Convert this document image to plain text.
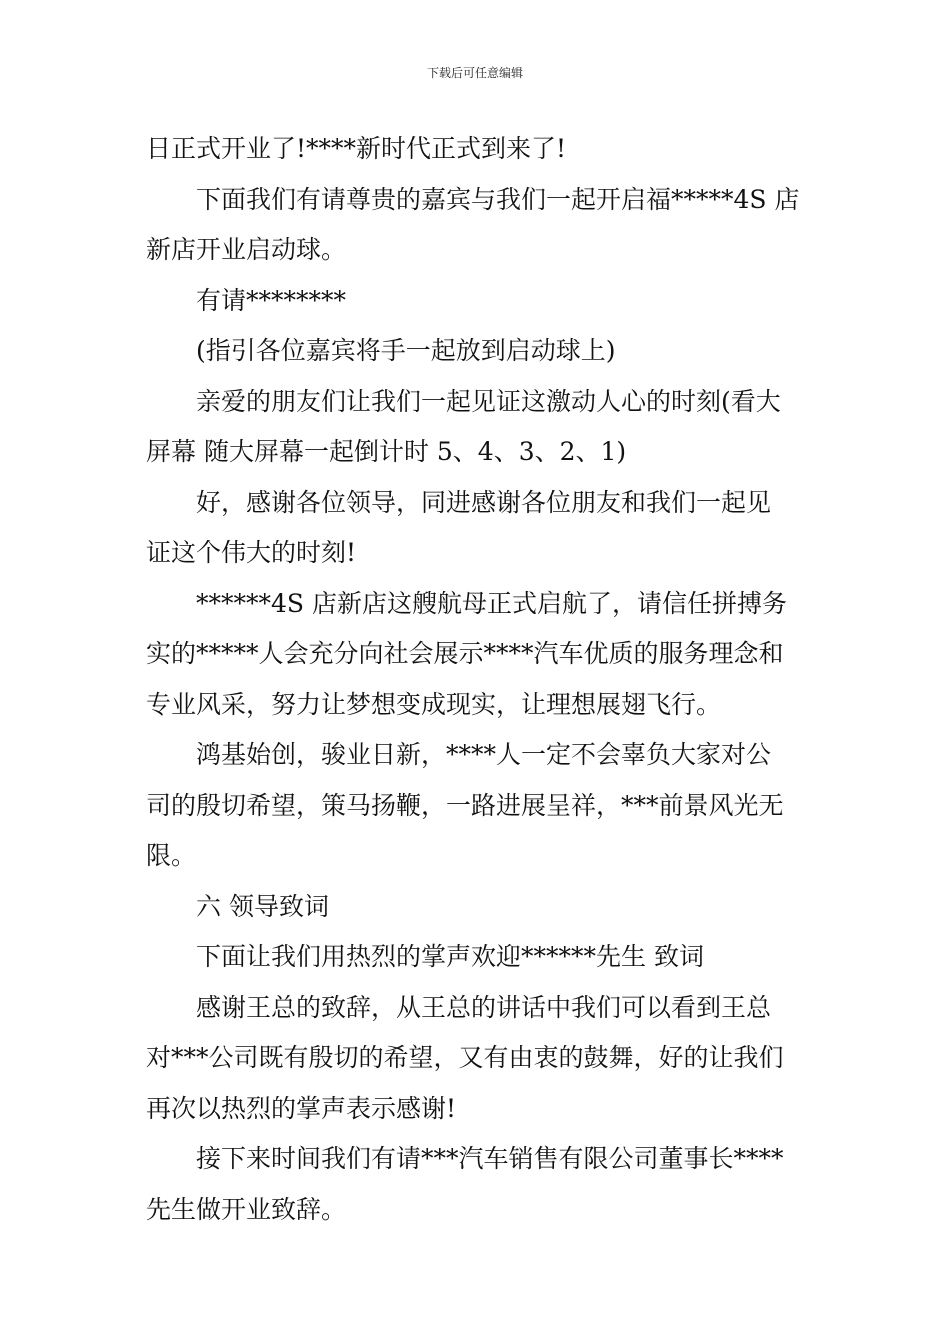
下载后可任意编辑
日正式开业了!****新时代正式到来了!
下面我们有请尊贵的嘉宾与我们一起开启福*****4S 店
新店开业启动球。
有请********
(指引各位嘉宾将手一起放到启动球上)
亲爱的朋友们让我们一起见证这激动人心的时刻(看大
屏幕 随大屏幕一起倒计时 5、4、3、2、1)
好，感谢各位领导，同进感谢各位朋友和我们一起见
证这个伟大的时刻!
******4S 店新店这艘航母正式启航了，请信任拼搏务
实的*****人会充分向社会展示****汽车优质的服务理念和
专业风采，努力让梦想变成现实，让理想展翅飞行。
鸿基始创，骏业日新，****人一定不会辜负大家对公
司的殷切希望，策马扬鞭，一路进展呈祥，***前景风光无
限。
六 领导致词
下面让我们用热烈的掌声欢迎******先生 致词
感谢王总的致辞，从王总的讲话中我们可以看到王总
对***公司既有殷切的希望，又有由衷的鼓舞，好的让我们
再次以热烈的掌声表示感谢!
接下来时间我们有请***汽车销售有限公司董事长****
先生做开业致辞。
